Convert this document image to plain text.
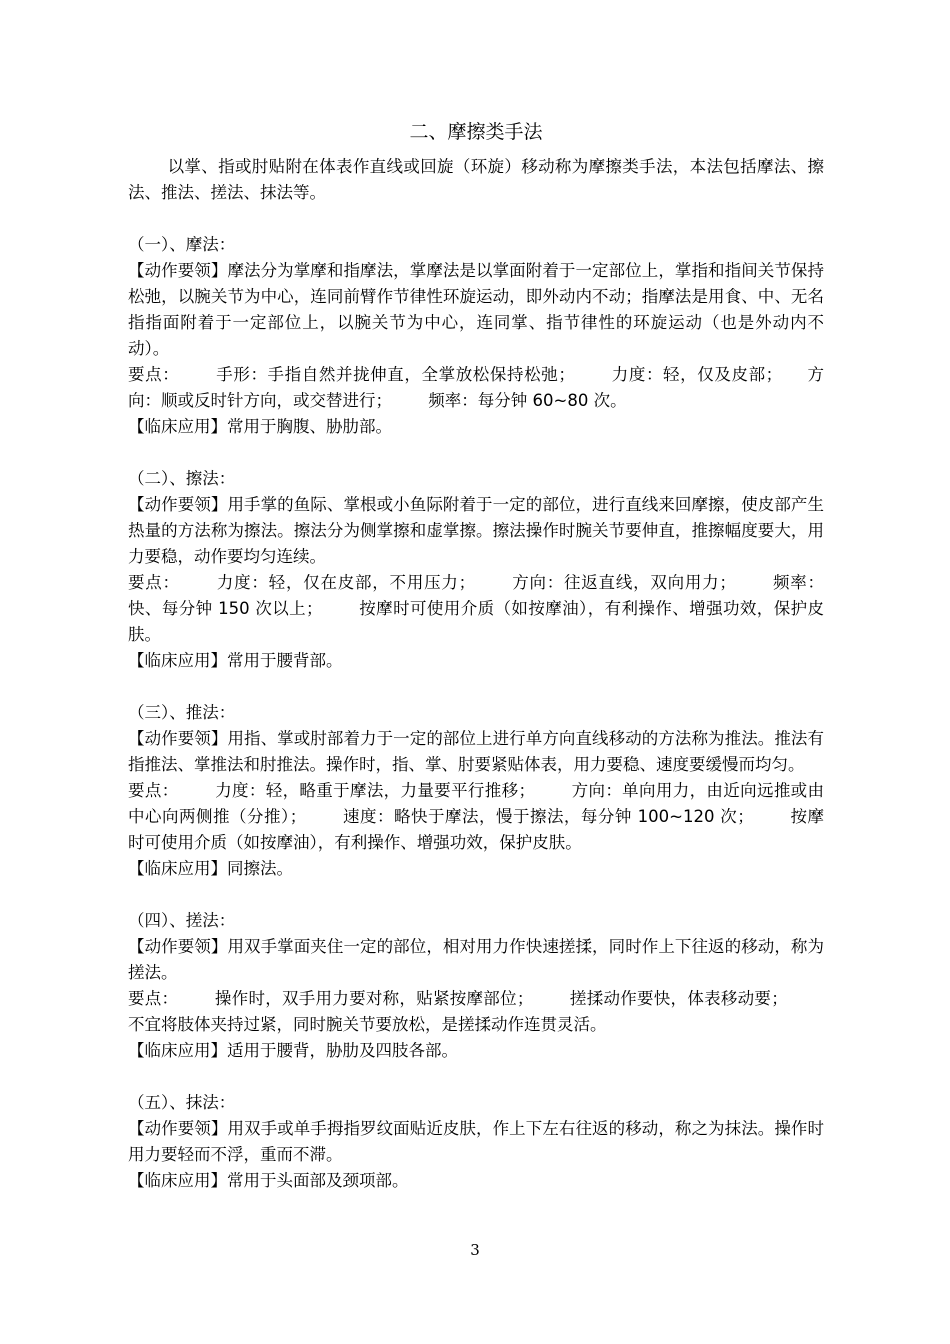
二、摩擦类手法

以掌、指或肘贴附在体表作直线或回旋（环旋）移动称为摩擦类手法，本法包括摩法、擦法、推法、搓法、抹法等。

（一）、摩法：

【动作要领】摩法分为掌摩和指摩法，掌摩法是以掌面附着于一定部位上，掌指和指间关节保持松弛，以腕关节为中心，连同前臂作节律性环旋运动，即外动内不动；指摩法是用食、中、无名指指面附着于一定部位上，以腕关节为中心，连同掌、指节律性的环旋运动（也是外动内不动）。

要点： 手形：手指自然并拢伸直，全掌放松保持松弛； 力度：轻，仅及皮部； 方向：顺或反时针方向，或交替进行； 频率：每分钟 60~80 次。

【临床应用】常用于胸腹、胁肋部。

（二）、擦法：

【动作要领】用手掌的鱼际、掌根或小鱼际附着于一定的部位，进行直线来回摩擦，使皮部产生热量的方法称为擦法。擦法分为侧掌擦和虚掌擦。擦法操作时腕关节要伸直，推擦幅度要大，用力要稳，动作要均匀连续。

要点： 力度：轻，仅在皮部，不用压力； 方向：往返直线，双向用力； 频率：快、每分钟 150 次以上； 按摩时可使用介质（如按摩油），有利操作、增强功效，保护皮肤。

【临床应用】常用于腰背部。

（三）、推法：

【动作要领】用指、掌或肘部着力于一定的部位上进行单方向直线移动的方法称为推法。推法有指推法、掌推法和肘推法。操作时，指、掌、肘要紧贴体表，用力要稳、速度要缓慢而均匀。

要点： 力度：轻，略重于摩法，力量要平行推移； 方向：单向用力，由近向远推或由中心向两侧推（分推）； 速度：略快于摩法，慢于擦法，每分钟 100~120 次； 按摩时可使用介质（如按摩油），有利操作、增强功效，保护皮肤。

【临床应用】同擦法。

（四）、搓法：

【动作要领】用双手掌面夹住一定的部位，相对用力作快速搓揉，同时作上下往返的移动，称为搓法。

要点： 操作时，双手用力要对称，贴紧按摩部位； 搓揉动作要快，体表移动要；不宜将肢体夹持过紧，同时腕关节要放松，是搓揉动作连贯灵活。

【临床应用】适用于腰背，胁肋及四肢各部。

（五）、抹法：

【动作要领】用双手或单手拇指罗纹面贴近皮肤，作上下左右往返的移动，称之为抹法。操作时用力要轻而不浮，重而不滞。

【临床应用】常用于头面部及颈项部。

3
